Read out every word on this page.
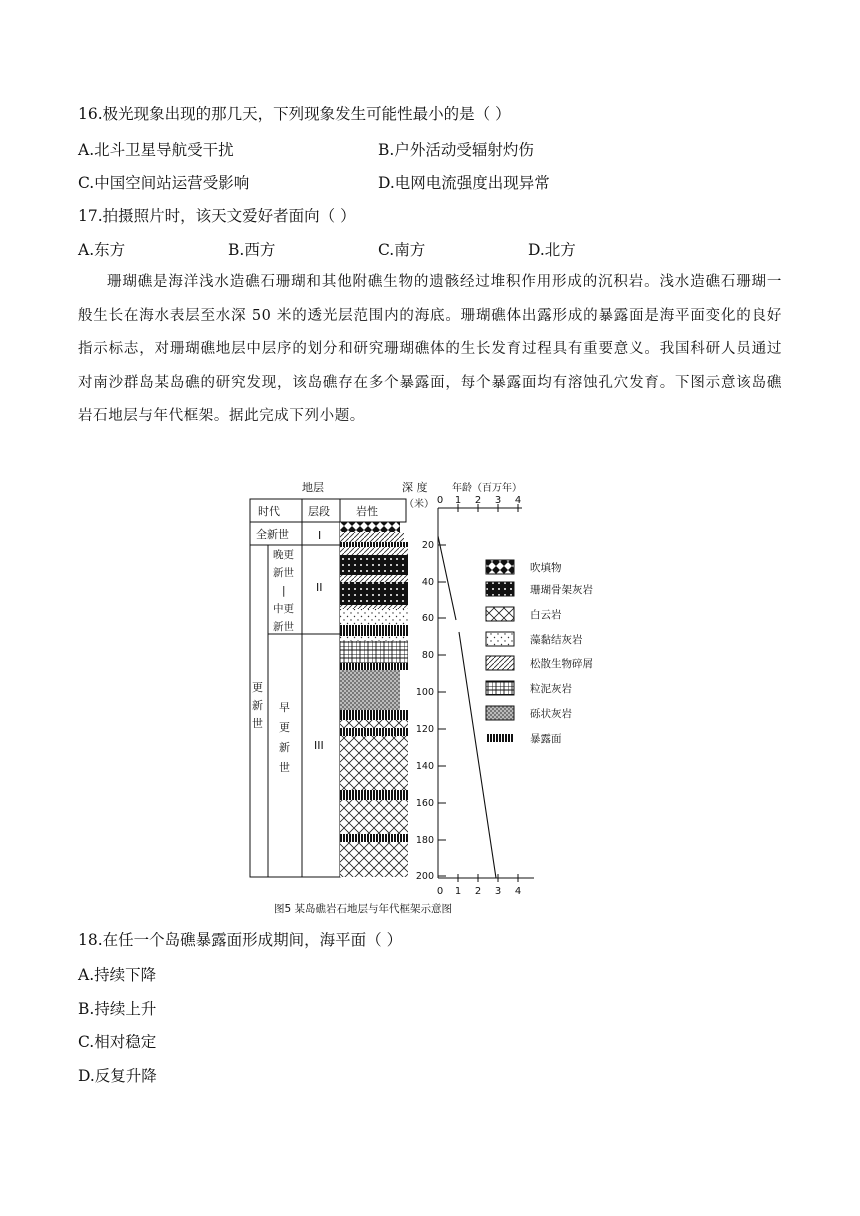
16.极光现象出现的那几天，下列现象发生可能性最小的是（ ）
A.北斗卫星导航受干扰	B.户外活动受辐射灼伤
C.中国空间站运营受影响	D.电网电流强度出现异常
17.拍摄照片时，该天文爱好者面向（ ）
A.东方	B.西方	C.南方	D.北方
珊瑚礁是海洋浅水造礁石珊瑚和其他附礁生物的遗骸经过堆积作用形成的沉积岩。浅水造礁石珊瑚一般生长在海水表层至水深 50 米的透光层范围内的海底。珊瑚礁体出露形成的暴露面是海平面变化的良好指示标志，对珊瑚礁地层中层序的划分和研究珊瑚礁体的生长发育过程具有重要意义。我国科研人员通过对南沙群岛某岛礁的研究发现，该岛礁存在多个暴露面，每个暴露面均有溶蚀孔穴发育。下图示意该岛礁岩石地层与年代框架。据此完成下列小题。
地层	深 度
（米）
年龄（百万年）
时代	层段 岩性
全新世	I
晚更
新世
|
中更
新世
II
早
更
新
世
III
更
新
世
20
40
60
80
100
120
140
160
180
200
0 1 2 3 4
0 1 2 3 4
吹填物
珊瑚骨架灰岩
白云岩
藻黏结灰岩
松散生物碎屑
粒泥灰岩
砾状灰岩
暴露面
图5 某岛礁岩石地层与年代框架示意图
18.在任一个岛礁暴露面形成期间，海平面（ ）
A.持续下降
B.持续上升
C.相对稳定
D.反复升降
